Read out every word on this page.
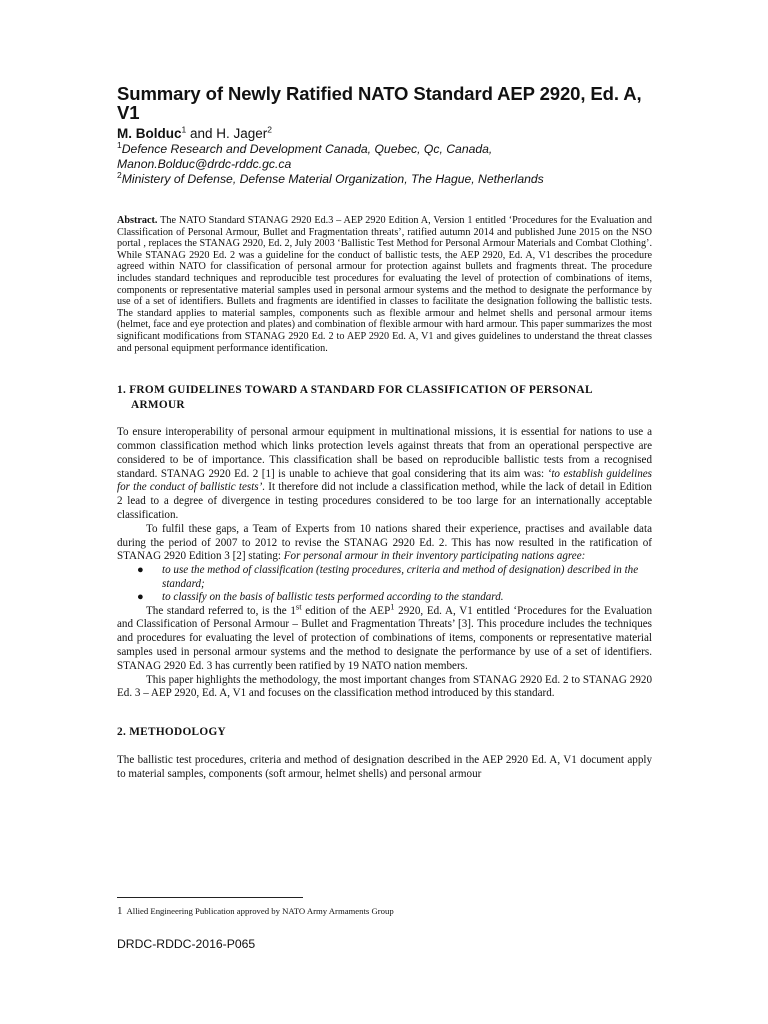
Summary of Newly Ratified NATO Standard AEP 2920, Ed. A, V1
M. Bolduc$^1$ and H. Jager$^2$
$^1$Defence Research and Development Canada, Quebec, Qc, Canada,
Manon.Bolduc@drdc-rddc.gc.ca
$^2$Ministery of Defense, Defense Material Organization, The Hague, Netherlands
Abstract. The NATO Standard STANAG 2920 Ed.3 – AEP 2920 Edition A, Version 1 entitled ‘Procedures for the Evaluation and Classification of Personal Armour, Bullet and Fragmentation threats’, ratified autumn 2014 and published June 2015 on the NSO portal , replaces the STANAG 2920, Ed. 2, July 2003 ‘Ballistic Test Method for Personal Armour Materials and Combat Clothing’. While STANAG 2920 Ed. 2 was a guideline for the conduct of ballistic tests, the AEP 2920, Ed. A, V1 describes the procedure agreed within NATO for classification of personal armour for protection against bullets and fragments threat. The procedure includes standard techniques and reproducible test procedures for evaluating the level of protection of combinations of items, components or representative material samples used in personal armour systems and the method to designate the performance by use of a set of identifiers. Bullets and fragments are identified in classes to facilitate the designation following the ballistic tests. The standard applies to material samples, components such as flexible armour and helmet shells and personal armour items (helmet, face and eye protection and plates) and combination of flexible armour with hard armour. This paper summarizes the most significant modifications from STANAG 2920 Ed. 2 to AEP 2920 Ed. A, V1 and gives guidelines to understand the threat classes and personal equipment performance identification.
1. FROM GUIDELINES TOWARD A STANDARD FOR CLASSIFICATION OF PERSONAL
ARMOUR

To ensure interoperability of personal armour equipment in multinational missions, it is essential for nations to use a common classification method which links protection levels against threats that from an operational perspective are considered to be of importance. This classification shall be based on reproducible ballistic tests from a recognised standard. STANAG 2920 Ed. 2 [1] is unable to achieve that goal considering that its aim was: ‘to establish guidelines for the conduct of ballistic tests’. It therefore did not include a classification method, while the lack of detail in Edition 2 lead to a degree of divergence in testing procedures considered to be too large for an internationally acceptable classification.

To fulfil these gaps, a Team of Experts from 10 nations shared their experience, practises and available data during the period of 2007 to 2012 to revise the STANAG 2920 Ed. 2. This has now resulted in the ratification of STANAG 2920 Edition 3 [2] stating: For personal armour in their inventory participating nations agree:

● to use the method of classification (testing procedures, criteria and method of designation) described in the standard;
● to classify on the basis of ballistic tests performed according to the standard.

The standard referred to, is the 1st edition of the AEP$^1$ 2920, Ed. A, V1 entitled ‘Procedures for the Evaluation and Classification of Personal Armour – Bullet and Fragmentation Threats’ [3]. This procedure includes the techniques and procedures for evaluating the level of protection of combinations of items, components or representative material samples used in personal armour systems and the method to designate the performance by use of a set of identifiers. STANAG 2920 Ed. 3 has currently been ratified by 19 NATO nation members.

This paper highlights the methodology, the most important changes from STANAG 2920 Ed. 2 to STANAG 2920 Ed. 3 – AEP 2920, Ed. A, V1 and focuses on the classification method introduced by this standard.

2. METHODOLOGY

The ballistic test procedures, criteria and method of designation described in the AEP 2920 Ed. A, V1 document apply to material samples, components (soft armour, helmet shells) and personal armour

1 Allied Engineering Publication approved by NATO Army Armaments Group
DRDC-RDDC-2016-P065
